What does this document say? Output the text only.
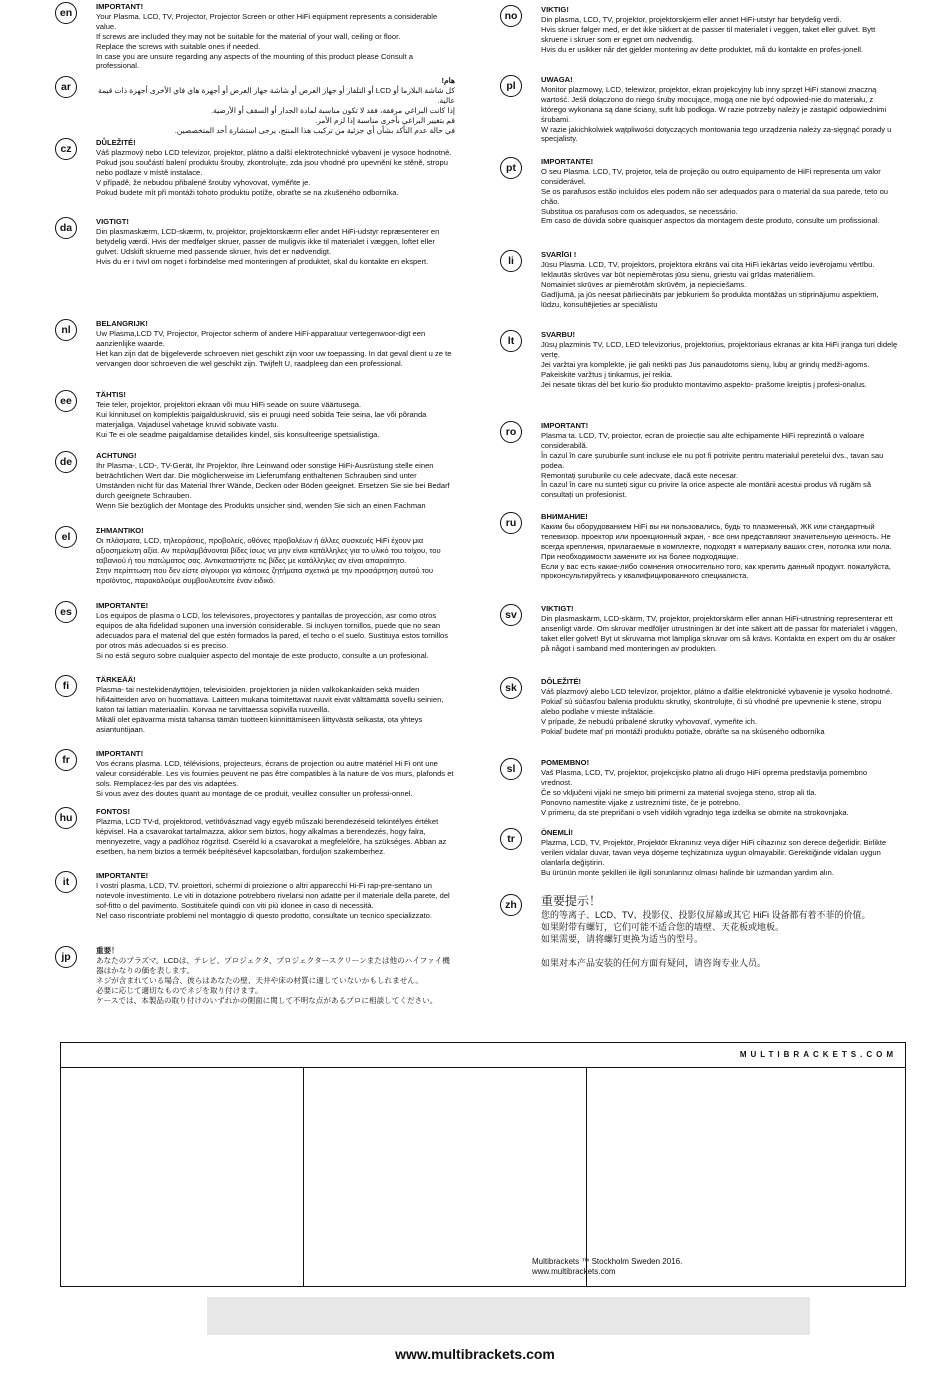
en
IMPORTANT!
Your Plasma. LCD, TV, Projector, Projector Screen or other HiFi equipment represents a considerable value.
If screws are included they may not be suitable for the material of your wall, ceiling or floor.
Replace the screws with suitable ones if needed.
In case you are unsure regarding any aspects of the mounting of this product please Consult a professional.
ar
هام!
كل شاشة البلازما أو LCD أو التلفاز أو جهاز العرض أو شاشة جهاز العرض أو أجهزة هاي فاي الأخرى أجهزة ذات قيمة عالية.
إذا كانت البراغي مرفقة، فقد لا تكون مناسبة لمادة الجدار أو السقف أو الأرضية.
قم بتغيير البراغي بأخرى مناسبة إذا لزم الأمر.
في حالة عدم التأكد بشأن أي جزئية من تركيب هذا المنتج، يرجى استشارة أحد المتخصصين.
cz
DŮLEŽITÉ!
Váš plazmový nebo LCD televizor, projektor, plátno a další elektrotechnické vybavení je vysoce hodnotné.
Pokud jsou součástí balení produktu šrouby, zkontrolujte, zda jsou vhodné pro upevnění ke stěně, stropu nebo podlaze v místě instalace.
V případě, že nebudou přibalené šrouby vyhovovat, vyměňte je.
Pokud budete mít při montáži tohoto produktu potíže, obraťte se na zkušeného odborníka.
da
VIGTIGT!
Din plasmaskærm, LCD-skærm, tv, projektor, projektorskærm eller andet HiFi-udstyr repræsenterer en betydelig værdi. Hvis der medfølger skruer, passer de muligvis ikke til materialet i væggen, loftet eller gulvet. Udskift skruerne med passende skruer, hvis det er nødvendigt.
Hvis du er i tvivl om noget i forbindelse med monteringen af produktet, skal du kontakte en ekspert.
nl
BELANGRIJK!
Uw Plasma,LCD TV, Projector, Projector scherm of andere HiFi-apparatuur vertegenwoor-digt een aanzienlijke waarde.
Het kan zijn dat de bijgeleverde schroeven niet geschikt zijn voor uw toepassing. In dat geval dient u ze te vervangen door schroeven die wel geschikt zijn. Twijfelt U, raadpleeg dan een professional.
ee
TÄHTIS!
Teie teler, projektor, projektori ekraan või muu HiFi seade on suure väärtusega.
Kui kinnitusel on komplektis paigalduskruvid, siis ei pruugi need sobida Teie seina, lae või põranda materjaliga. Vajadusel vahetage kruvid sobivate vastu.
Kui Te ei ole seadme paigaldamise detailides kindel, siis konsulteerige spetsialistiga.
de
ACHTUNG!
Ihr Plasma-, LCD-, TV-Gerät, Ihr Projektor, Ihre Leinwand oder sonstige HiFi-Ausrüstung stelle einen beträchtlichen Wert dar. Die möglicherweise im Lieferumfang enthaltenen Schrauben sind unter Umständen nicht für das Material Ihrer Wände, Decken oder Böden geeignet. Ersetzen Sie sie bei Bedarf durch geeignete Schrauben.
Wenn Sie bezüglich der Montage des Produkts unsicher sind, wenden Sie sich an einen Fachman
el
ΣΗΜΑΝΤΙΚΟ!
Οι πλάσματα, LCD, τηλεοράσεις, προβολείς, οθόνες προβολέων ή άλλες συσκευές HiFi έχουν μια αξιοσημείωτη αξία. Αν περιλαμβάνονται βίδες ίσως να μην είναι κατάλληλες για το υλικό του τοίχου, του ταβανιού ή του πατώματος σας. Αντικαταστήστε τις βίδες με κατάλληλες αν είναι απαραίτητο.
Στην περίπτωση που δεν είστε σίγουροι για κάποιες ζητήματα σχετικά με την προσάρτηση αυτού του προϊόντος, παρακαλούμε συμβουλευτείτε έναν ειδικό.
es
IMPORTANTE!
Los equipos de plasma o LCD, los televisores, proyectores y pantallas de proyección, asr como otros equipos de alta fidelidad suponen una inversión considerable. Si incluyen tornillos, puede que no sean adecuados para el material del que estén formados la pared, el techo o el suelo. Sustituya estos tornillos por otros más adecuados si es preciso.
Si no está seguro sobre cualquier aspecto del montaje de este producto, consulte a un profesional.
fi
TÄRKEÄÄ!
Plasma- tai nestekidenäyttöjen, televisioiden. projektorien ja niiden valkokankaiden sekä muiden hifi4aitteiden arvo on huomattava. Laitteen mukana toimitettavat ruuvit eivät välttämättä sovellu seinien, katon tai lattian materiaaliin. Korvaa ne tarvittaessa sopivilla ruuveilla.
Mikäli olet epävarma mistä tahansa tämän tuotteen kiinnittämiseen liittyvästä seikasta, ota yhteys asiantuntijaan.
fr
IMPORTANT!
Vos écrans plasma. LCD, télévisions, projecteurs, écrans de projection ou autre matériel Hi Fi ont une valeur considérable. Les vis fournies peuvent ne pas être compatibles à la nature de vos murs, plafonds et sols. Remplacez-les par des vis adaptées.
Si vous avez des doutes quant au montage de ce produit, veuillez consulter un professi-onnel.
hu
FONTOS!
Plazma, LCD TV-d, projektorod, vetítővásznad vagy egyéb műszaki berendezéseid tekintélyes értéket képvisel. Ha a csavarokat tartalmazza, akkor sem biztos, hogy alkalmas a berendezés, hogy falra, mennyezetre, vagy a padlóhoz rögzítsd. Cseréld ki a csavarokat a megfelelőre, ha szükséges. Abban az esetben, ha nem biztos a termék beépítésével kapcsolatban, forduljon szakemberhez.
it
IMPORTANTE!
I vostri plasma, LCD, TV. proiettori, schermi di proiezione o altri apparecchi Hi-Fi rap-pre-sentano un notevole investimento. Le viti in dotazione potrebbero rivelarsi non adatte per il materiale della parete, del sof-fitto o del pavimento. Sostituitele quindi con viti più idonee in caso di necessità.
Nel caso riscontriate problemi nel montaggio di questo prodotto, consultate un tecnico specializzato.
jp
重要！
あなたのプラズマ。LCDは、テレビ、プロジェクタ、プロジェクタースクリーンまたは他のハイファイ機器はかなりの価を表します。
ネジが含まれている場合、彼らはあなたの壁、天井や床の材質に適していないかもしれません。
必要に応じて適切なものでネジを取り付けます。
ケースでは、本製品の取り付けのいずれかの側面に関して不明な点があるプロに相談してください。
no
VIKTIG!
Din plasma, LCD, TV, projektor, projektorskjerm eller annet HiFi-utstyr har betydelig verdi.
Hvis skruer følger med, er det ikke sikkert at de passer til materialet i veggen, taket eller gulvet. Bytt skruene i skruer som er egnet om nødvendig.
Hvis du er usikker når det gjelder montering av dette produktet, må du kontakte en profes-jonell.
pl
UWAGA!
Monitor plazmowy, LCD, telewizor, projektor, ekran projekcyjny lub inny sprzęt HiFi stanowi znaczną wartość. Jeśli dołączono do niego śruby mocujące, mogą one nie być odpowied-nie do materiału, z którego wykonana są dane ściany, sufit lub podłoga. W razie potrzeby należy je zastąpić odpowiednimi śrubami.
W razie jakichkolwiek wątpliwości dotyczących montowania tego urządzenia należy za-sięgnąć porady u specjalisty.
pt
IMPORTANTE!
O seu Plasma. LCD, TV, projetor, tela de projeção ou outro equipamento de HiFi representa um valor considerável.
Se os parafusos estão incluídos eles podem não ser adequados para o material da sua parede, teto ou chão.
Substitua os parafusos com os adequados, se necessário.
Em caso de dúvida sobre quaisquer aspectos da montagem deste produto, consulte um profissional.
li
SVARĪGI !
Jūsu Plasma. LCD, TV, projektors, projektora ekrāns vai cita HiFi iekārtas veido ievērojamu vērtību.
Iekļautās skrūves var būt nepiemērotas jūsu sienu, griestu vai grīdas materiāliem.
Nomainiet skrūves ar piemērotām skrūvēm, ja nepieciešams.
Gadījumā, ja jūs neesat pārliecināts par jebkuriem šo produkta montāžas un stiprinājumu aspektiem, lūdzu, konsultējieties ar speciālistu
lt
SVARBU!
Jūsų plazminis TV, LCD, LED televizorius, projektorius, projektoriaus ekranas ar kita HiFi įranga turi didelę vertę.
Jei varžtai yra komplekte, jie gali netikti pas Jus panaudotoms sienų, lubų ar grindų medži-agoms.
Pakeiskite varžtus į tinkamus, jei reikia.
Jei nesate tikras dėl bet kurio šio produkto montavimo aspekto- prašome kreiptis į profesi-onalus.
ro
IMPORTANT!
Plasma ta. LCD, TV, proiector, ecran de proiecție sau alte echipamente HiFi reprezintă o valoare considerabilă.
În cazul în care șuruburile sunt incluse ele nu pot fi potrivite pentru materialul peretelui dvs., tavan sau podea.
Remontați șuruburile cu cele adecvate, dacă este necesar.
În cazul în care nu sunteți sigur cu privire la orice aspecte ale montării acestui produs vă rugăm să consultați un profesionist.
ru
ВНИМАНИЕ!
Каким бы оборудованием HiFi вы ни пользовались, будь то плазменный, ЖК или стандартный телевизор. проектор или проекционный экран, - все они представляют значительную ценность. Не всегда крепления, прилагаемые в комплекте, подходят к материалу ваших стен, потолка или пола. При необходимости замените их на более подходящие.
Если у вас есть какие-либо сомнения относительно того, как крепить данный продукт. пожалуйста, проконсультируйтесь у квалифицированного специалиста.
sv
VIKTIGT!
Din plasmaskärm, LCD-skärm, TV, projektor, projektorskärm eller annan HiFi-utrustning representerar ett ansenligt värde. Om skruvar medföljer utrustningen är det inte säkert att de passar för materialet i väggen, taket eller golvet! Byt ut skruvarna mot lämpliga skruvar om så krävs. Kontakta en expert om du är osäker på något i samband med monteringen av produkten.
sk
DÔLEŽITÉ!
Váš plazmový alebo LCD televízor, projektor, plátno a ďalšie elektronické vybavenie je vysoko hodnotné.
Pokiaľ sú súčasťou balenia produktu skrutky, skontrolujte, či sú vhodné pre upevnenie k stene, stropu alebo podlahe v mieste inštalácie.
V prípade, že nebudú pribalené skrutky vyhovovať, vymeňte ich.
Pokiaľ budete mať pri montáži produktu potiaže, obráťte sa na skúseného odborníka
sl
POMEMBNO!
Vaš Plasma, LCD, TV, projektor, projekcijsko platno ali drugo HiFi oprema predstavlja pomembno vrednost.
Če so vključeni vijaki ne smejo biti primerni za material svojega steno, strop ali tla.
Ponovno namestite vijake z ustreznimi tiste, če je potrebno.
V primeru, da ste prepričani o vseh vidikih vgradnjo tega izdelka se obrnite na strokovnjaka.
tr
ÖNEMLİ!
Plazma, LCD, TV, Projektör, Projektör Ekranınız veya diğer HiFi cihazınız son derece değerlidir. Birlikte verilen vidalar duvar, tavan veya döşeme teçhizatınıza uygun olmayabilir. Gerektiğinde vidaları uygun olanlarla değiştirin.
Bu ürünün monte şekilleri ile ilgili sorunlarınız olması halinde bir uzmandan yardım alın.
zh	重要提示！
您的等离子、LCD、TV、投影仪、投影仪屏幕或其它 HiFi 设备都有着不菲的价值。
如果附带有螺钉，它们可能不适合您的墙壁、天花板或地板。
如果需要，请将螺钉更换为适当的型号。

如果对本产品安装的任何方面有疑问，请咨询专业人员。
MULTIBRACKETS.COM
Multibrackets ™ Stockholm Sweden 2016.
www.multibrackets.com
www.multibrackets.com
